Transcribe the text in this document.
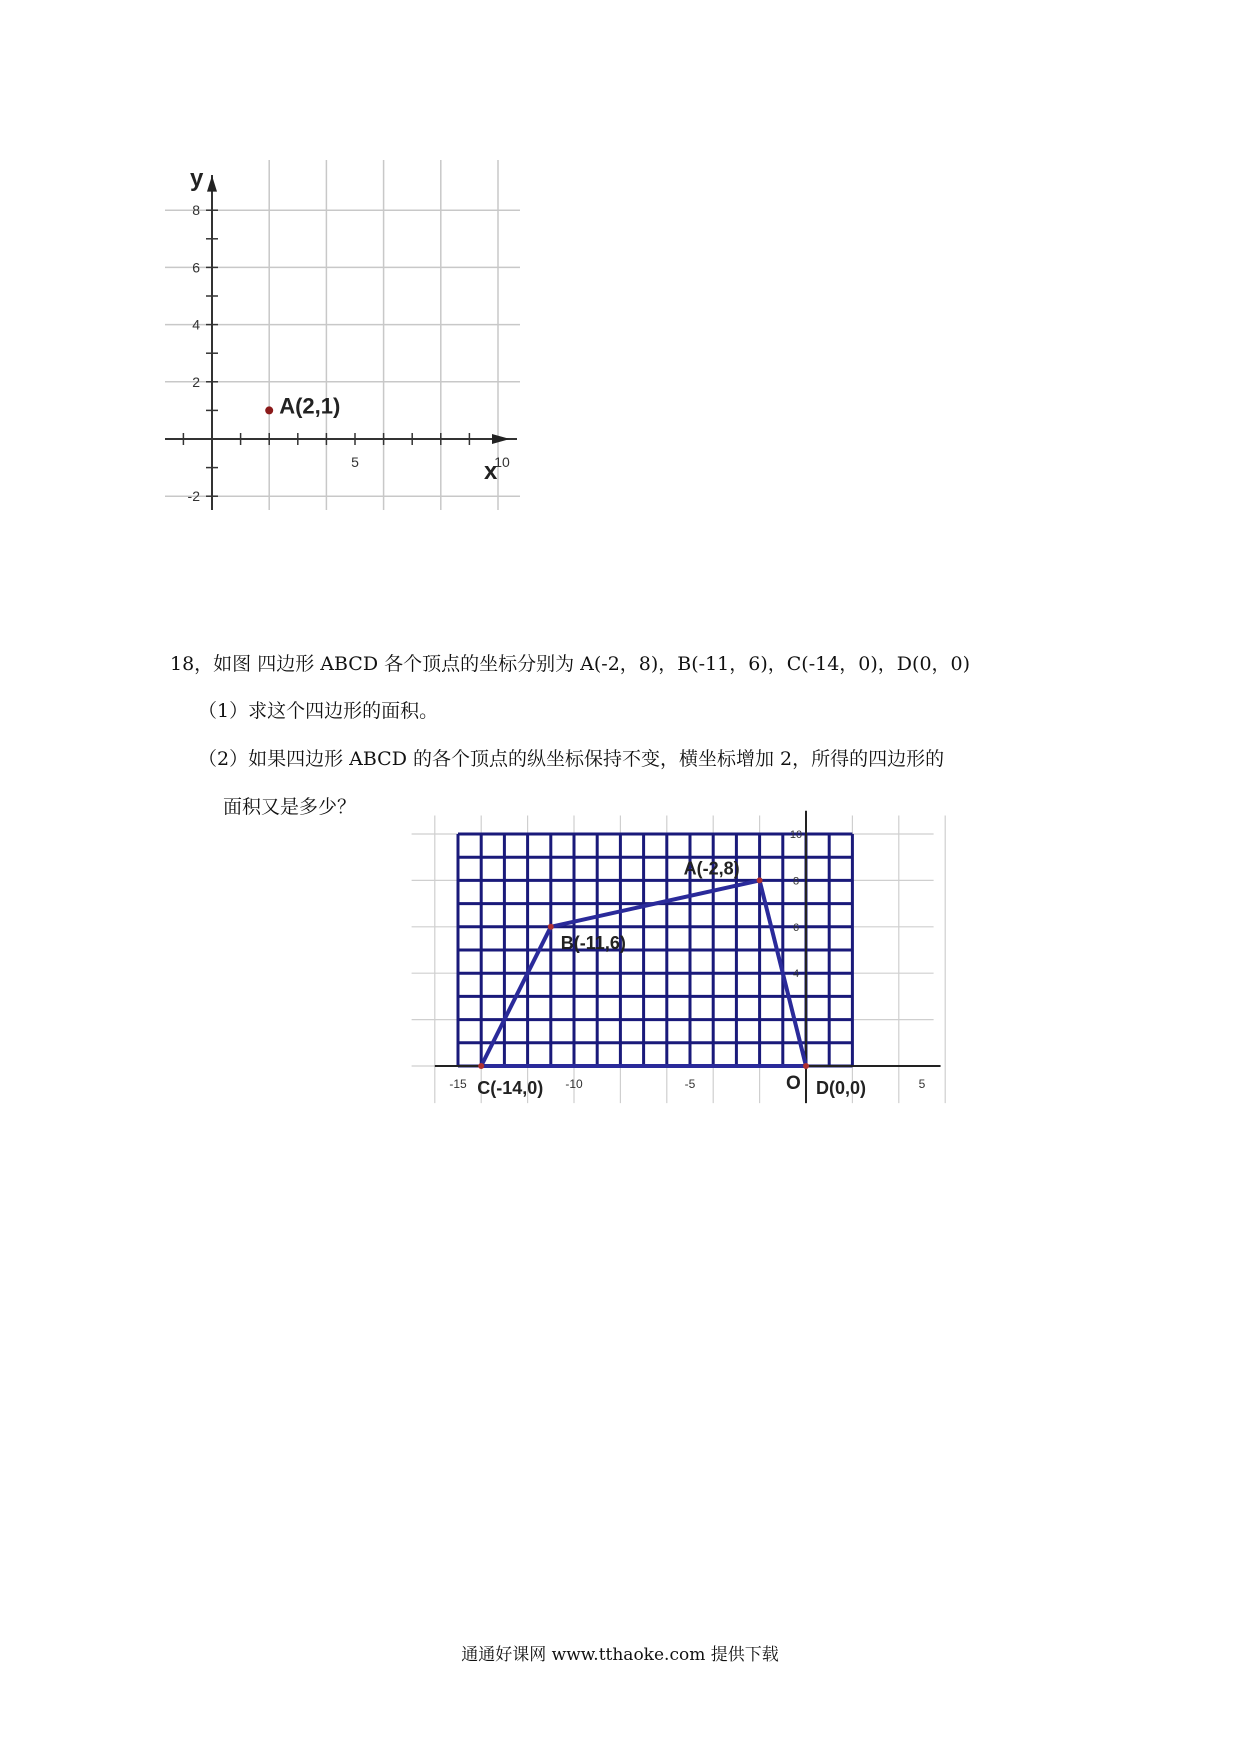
8
6
4
2
-2
5	10
x
y
A(2,1)
18，如图 四边形 ABCD 各个顶点的坐标分别为 A(-2，8)，B(-11，6)，C(-14，0)，D(0，0)
（1）求这个四边形的面积。
（2）如果四边形 ABCD 的各个顶点的纵坐标保持不变，横坐标增加 2，所得的四边形的
面积又是多少？
-15	-10	-5	5
10
8
6
4
O
A(-2,8)
B(-11,6)
C(-14,0)	D(0,0)
通通好课网 www.tthaoke.com 提供下载
